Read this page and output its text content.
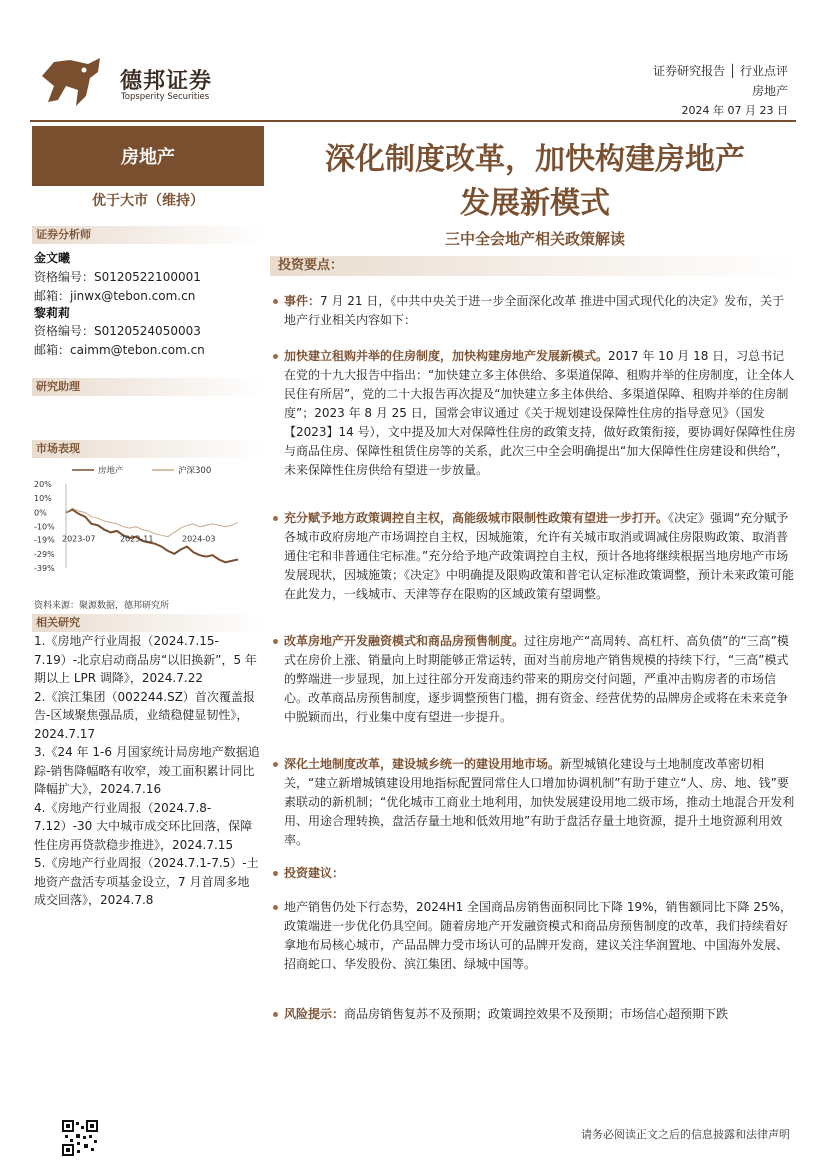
德邦证券
Topsperity Securities
证券研究报告 │ 行业点评
房地产
2024 年 07 月 23 日
房地产
优于大市（维持）
证券分析师
金文曦
资格编号：S0120522100001
邮箱：jinwx@tebon.com.cn
黎莉莉
资格编号：S0120524050003
邮箱：caimm@tebon.com.cn
研究助理
市场表现
房地产	沪深300
20%
10%
0%
-10%
-19%
-29%
-39%
2023-07	2023-11	2024-03
资料来源：聚源数据，德邦研究所
相关研究
1.《房地产行业周报（2024.7.15-7.19）-北京启动商品房“以旧换新”，5 年期以上 LPR 调降》，2024.7.22
2.《滨江集团（002244.SZ）首次覆盖报告-区域聚焦强品质，业绩稳健显韧性》，2024.7.17
3.《24 年 1-6 月国家统计局房地产数据追踪-销售降幅略有收窄，竣工面积累计同比降幅扩大》，2024.7.16
4.《房地产行业周报（2024.7.8-7.12）-30 大中城市成交环比回落，保障性住房再贷款稳步推进》，2024.7.15
5.《房地产行业周报（2024.7.1-7.5）-土地资产盘活专项基金设立，7 月首周多地成交回落》，2024.7.8
深化制度改革，加快构建房地产
发展新模式
三中全会地产相关政策解读
投资要点：
事件：7 月 21 日，《中共中央关于进一步全面深化改革 推进中国式现代化的决定》发布，关于地产行业相关内容如下：
加快建立租购并举的住房制度，加快构建房地产发展新模式。2017 年 10 月 18 日，习总书记在党的十九大报告中指出：“加快建立多主体供给、多渠道保障、租购并举的住房制度，让全体人民住有所居”，党的二十大报告再次提及“加快建立多主体供给、多渠道保障、租购并举的住房制度”；2023 年 8 月 25 日，国常会审议通过《关于规划建设保障性住房的指导意见》（国发【2023】14 号），文中提及加大对保障性住房的政策支持，做好政策衔接，要协调好保障性住房与商品住房、保障性租赁住房等的关系，此次三中全会明确提出“加大保障性住房建设和供给”，未来保障性住房供给有望进一步放量。
充分赋予地方政策调控自主权，高能级城市限制性政策有望进一步打开。《决定》强调“充分赋予各城市政府房地产市场调控自主权，因城施策，允许有关城市取消或调减住房限购政策、取消普通住宅和非普通住宅标准。”充分给予地产政策调控自主权，预计各地将继续根据当地房地产市场发展现状，因城施策；《决定》中明确提及限购政策和普宅认定标准政策调整，预计未来政策可能在此发力，一线城市、天津等存在限购的区域政策有望调整。
改革房地产开发融资模式和商品房预售制度。过往房地产“高周转、高杠杆、高负债”的“三高”模式在房价上涨、销量向上时期能够正常运转，面对当前房地产销售规模的持续下行，“三高”模式的弊端进一步显现，加上过往部分开发商违约带来的期房交付问题，严重冲击购房者的市场信心。改革商品房预售制度，逐步调整预售门槛，拥有资金、经营优势的品牌房企或将在未来竞争中脱颖而出，行业集中度有望进一步提升。
深化土地制度改革，建设城乡统一的建设用地市场。新型城镇化建设与土地制度改革密切相关，“建立新增城镇建设用地指标配置同常住人口增加协调机制”有助于建立“人、房、地、钱”要素联动的新机制；“优化城市工商业土地利用，加快发展建设用地二级市场，推动土地混合开发利用、用途合理转换，盘活存量土地和低效用地”有助于盘活存量土地资源，提升土地资源利用效率。
投资建议：
地产销售仍处下行态势，2024H1 全国商品房销售面积同比下降 19%，销售额同比下降 25%，政策端进一步优化仍具空间。随着房地产开发融资模式和商品房预售制度的改革，我们持续看好拿地布局核心城市，产品品牌力受市场认可的品牌开发商，建议关注华润置地、中国海外发展、招商蛇口、华发股份、滨江集团、绿城中国等。
风险提示：商品房销售复苏不及预期；政策调控效果不及预期；市场信心超预期下跌
请务必阅读正文之后的信息披露和法律声明
